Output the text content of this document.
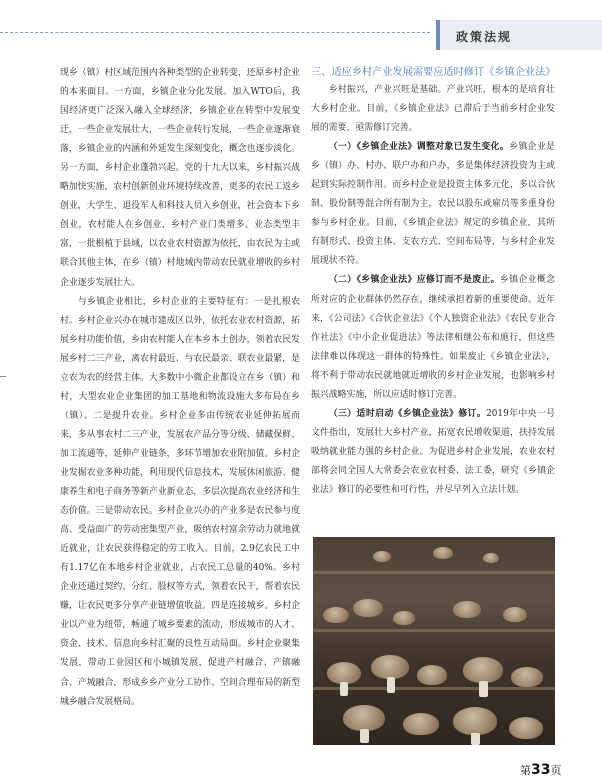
政策法规

现乡（镇）村区域范围内各种类型的企业转变，还原乡村企业的本来面目。一方面，乡镇企业分化发展。加入WTO后，我国经济更广泛深入融入全球经济，乡镇企业在转型中发展变迁，一些企业发展壮大，一些企业转行发展，一些企业逐渐衰落，乡镇企业的内涵和外延发生深刻变化，概念也逐步淡化。另一方面，乡村企业蓬勃兴起。党的十九大以来，乡村振兴战略加快实施，农村创新创业环境持续改善，更多的农民工返乡创业，大学生、退役军人和科技人员入乡创业，社会资本下乡创业，农村能人在乡创业，乡村产业门类增多、业态类型丰富，一批根植于县域，以农业农村资源为依托，由农民为主或联合其他主体，在乡（镇）村地域内带动农民就业增收的乡村企业逐步发展壮大。

与乡镇企业相比，乡村企业的主要特征有：一是扎根农村。乡村企业兴办在城市建成区以外，依托农业农村资源，拓展乡村功能价值，乡由农村能人在本乡本土创办，领着农民发展乡村二三产业，离农村最近、与农民最亲、联农业最紧，是立农为农的经营主体。大多数中小微企业都设立在乡（镇）和村，大型农业企业集团的加工基地和物流设施大多布局在乡（镇）。二是提升农业。乡村企业多由传统农业延伸拓展而来，多从事农村二三产业，发展农产品分等分级、储藏保鲜、加工流通等，延伸产业链条，多环节增加农业附加值。乡村企业发掘农业多种功能，利用现代信息技术，发展休闲旅游、健康养生和电子商务等新产业新业态，多层次提高农业经济和生态价值。三是带动农民。乡村企业兴办的产业多是农民参与度高、受益面广的劳动密集型产业，吸纳农村富余劳动力就地就近就业，让农民获得稳定的劳工收入。目前，2.9亿农民工中有1.17亿在本地乡村企业就业，占农民工总量的40%。乡村企业还通过契约、分红、股权等方式，领着农民干，帮着农民赚，让农民更多分享产业链增值收益。四是连接城乡。乡村企业以产业为纽带，畅通了城乡要素的流动，形成城市的人才、资金、技术、信息向乡村汇聚的良性互动局面。乡村企业聚集发展，带动工业园区和小城镇发展，促进产村融合、产镇融合、产城融合，形成乡乡产业分工协作、空间合理布局的新型城乡融合发展格局。

三、适应乡村产业发展需要应适时修订《乡镇企业法》

乡村振兴，产业兴旺是基础。产业兴旺，根本的是培育壮大乡村企业。目前，《乡镇企业法》已滞后于当前乡村企业发展的需要，亟需修订完善。

（一）《乡镇企业法》调整对象已发生变化。乡镇企业是乡（镇）办、村办、联户办和户办，多是集体经济投资为主或起到实际控制作用。而乡村企业是投资主体多元化，多以合伙制、股份制等混合所有制为主，农民以股东或雇员等多重身份参与乡村企业。目前，《乡镇企业法》规定的乡镇企业，其所有制形式、投资主体、支农方式、空间布局等，与乡村企业发展现状不符。

（二）《乡镇企业法》应修订而不是废止。乡镇企业概念所对应的企业群体仍然存在，继续承担着新的重要使命。近年来，《公司法》《合伙企业法》《个人独资企业法》《农民专业合作社法》《中小企业促进法》等法律相继公布和施行，但这些法律难以体现这一群体的特殊性。如果废止《乡镇企业法》，将不利于带动农民就地就近增收的乡村企业发展，也影响乡村振兴战略实施，所以应适时修订完善。

（三）适时启动《乡镇企业法》修订。2019年中央一号文件指出，发展壮大乡村产业，拓宽农民增收渠道，扶持发展吸纳就业能力强的乡村企业。为促进乡村企业发展，农业农村部将会同全国人大常委会农业农村委、法工委，研究《乡镇企业法》修订的必要性和可行性，并尽早列入立法计划。

第33页
